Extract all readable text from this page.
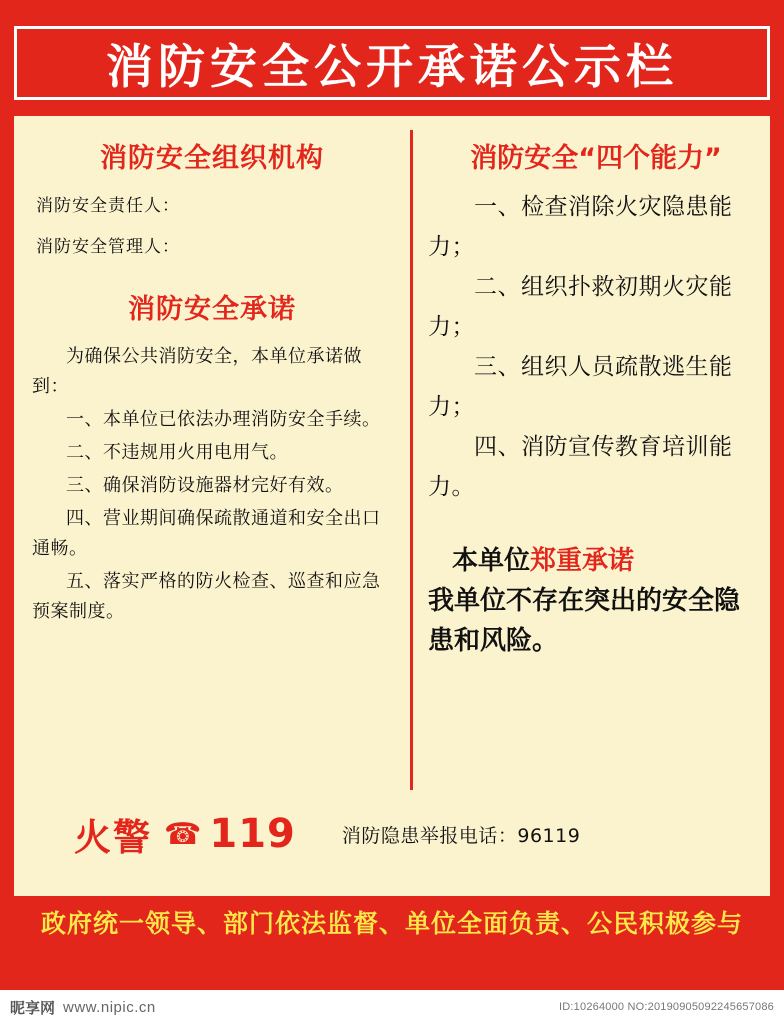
消防安全公开承诺公示栏
消防安全组织机构
消防安全责任人：
消防安全管理人：
消防安全承诺
为确保公共消防安全，本单位承诺做到：
一、本单位已依法办理消防安全手续。
二、不违规用火用电用气。
三、确保消防设施器材完好有效。
四、营业期间确保疏散通道和安全出口通畅。
五、落实严格的防火检查、巡查和应急预案制度。
消防安全“四个能力”
一、检查消除火灾隐患能力；
二、组织扑救初期火灾能力；
三、组织人员疏散逃生能力；
四、消防宣传教育培训能力。
本单位郑重承诺
我单位不存在突出的安全隐患和风险。
火警 ☎ 119 消防隐患举报电话：96119
政府统一领导、部门依法监督、单位全面负责、公民积极参与
昵享网 www.nipic.cn	ID:10264000 NO:20190905092245657086
